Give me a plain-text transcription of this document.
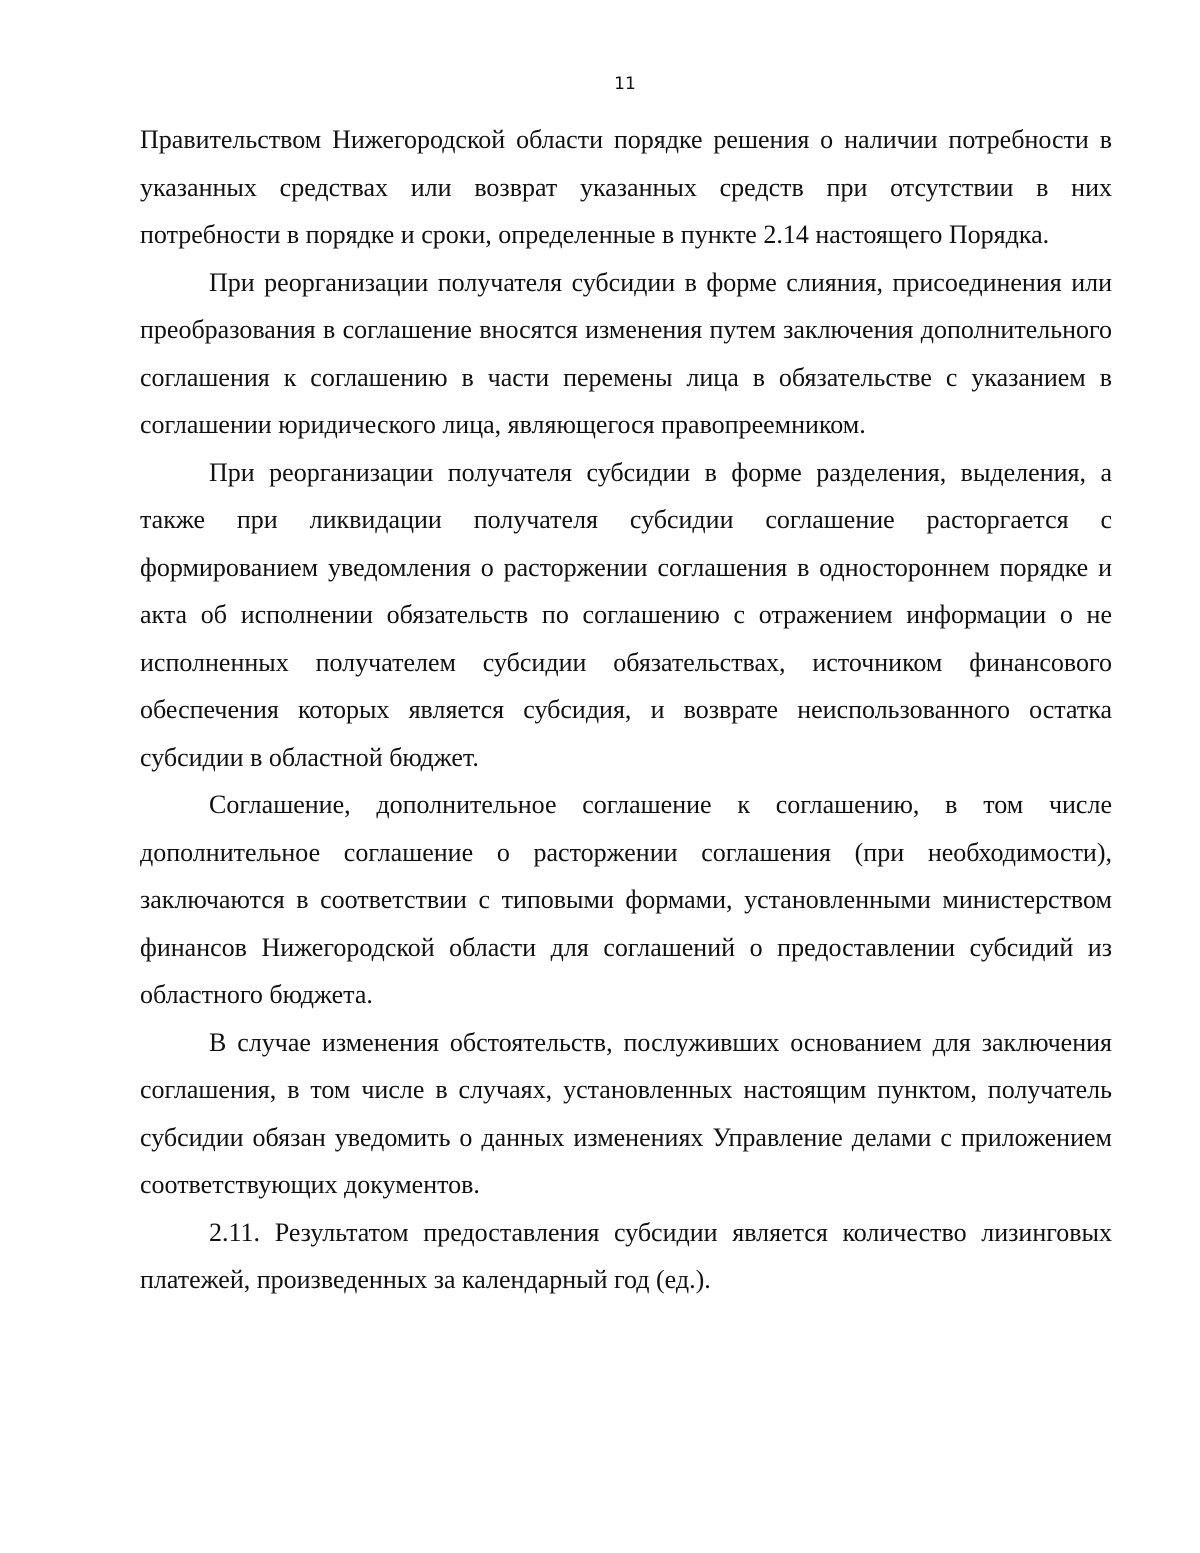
11

Правительством Нижегородской области порядке решения о наличии потребности в указанных средствах или возврат указанных средств при отсутствии в них потребности в порядке и сроки, определенные в пункте 2.14 настоящего Порядка.

При реорганизации получателя субсидии в форме слияния, присоединения или преобразования в соглашение вносятся изменения путем заключения дополнительного соглашения к соглашению в части перемены лица в обязательстве с указанием в соглашении юридического лица, являющегося правопреемником.

При реорганизации получателя субсидии в форме разделения, выделения, а также при ликвидации получателя субсидии соглашение расторгается с формированием уведомления о расторжении соглашения в одностороннем порядке и акта об исполнении обязательств по соглашению с отражением информации о не исполненных получателем субсидии обязательствах, источником финансового обеспечения которых является субсидия, и возврате неиспользованного остатка субсидии в областной бюджет.

Соглашение, дополнительное соглашение к соглашению, в том числе дополнительное соглашение о расторжении соглашения (при необходимости), заключаются в соответствии с типовыми формами, установленными министерством финансов Нижегородской области для соглашений о предоставлении субсидий из областного бюджета.

В случае изменения обстоятельств, послуживших основанием для заключения соглашения, в том числе в случаях, установленных настоящим пунктом, получатель субсидии обязан уведомить о данных изменениях Управление делами с приложением соответствующих документов.

2.11. Результатом предоставления субсидии является количество лизинговых платежей, произведенных за календарный год (ед.).
